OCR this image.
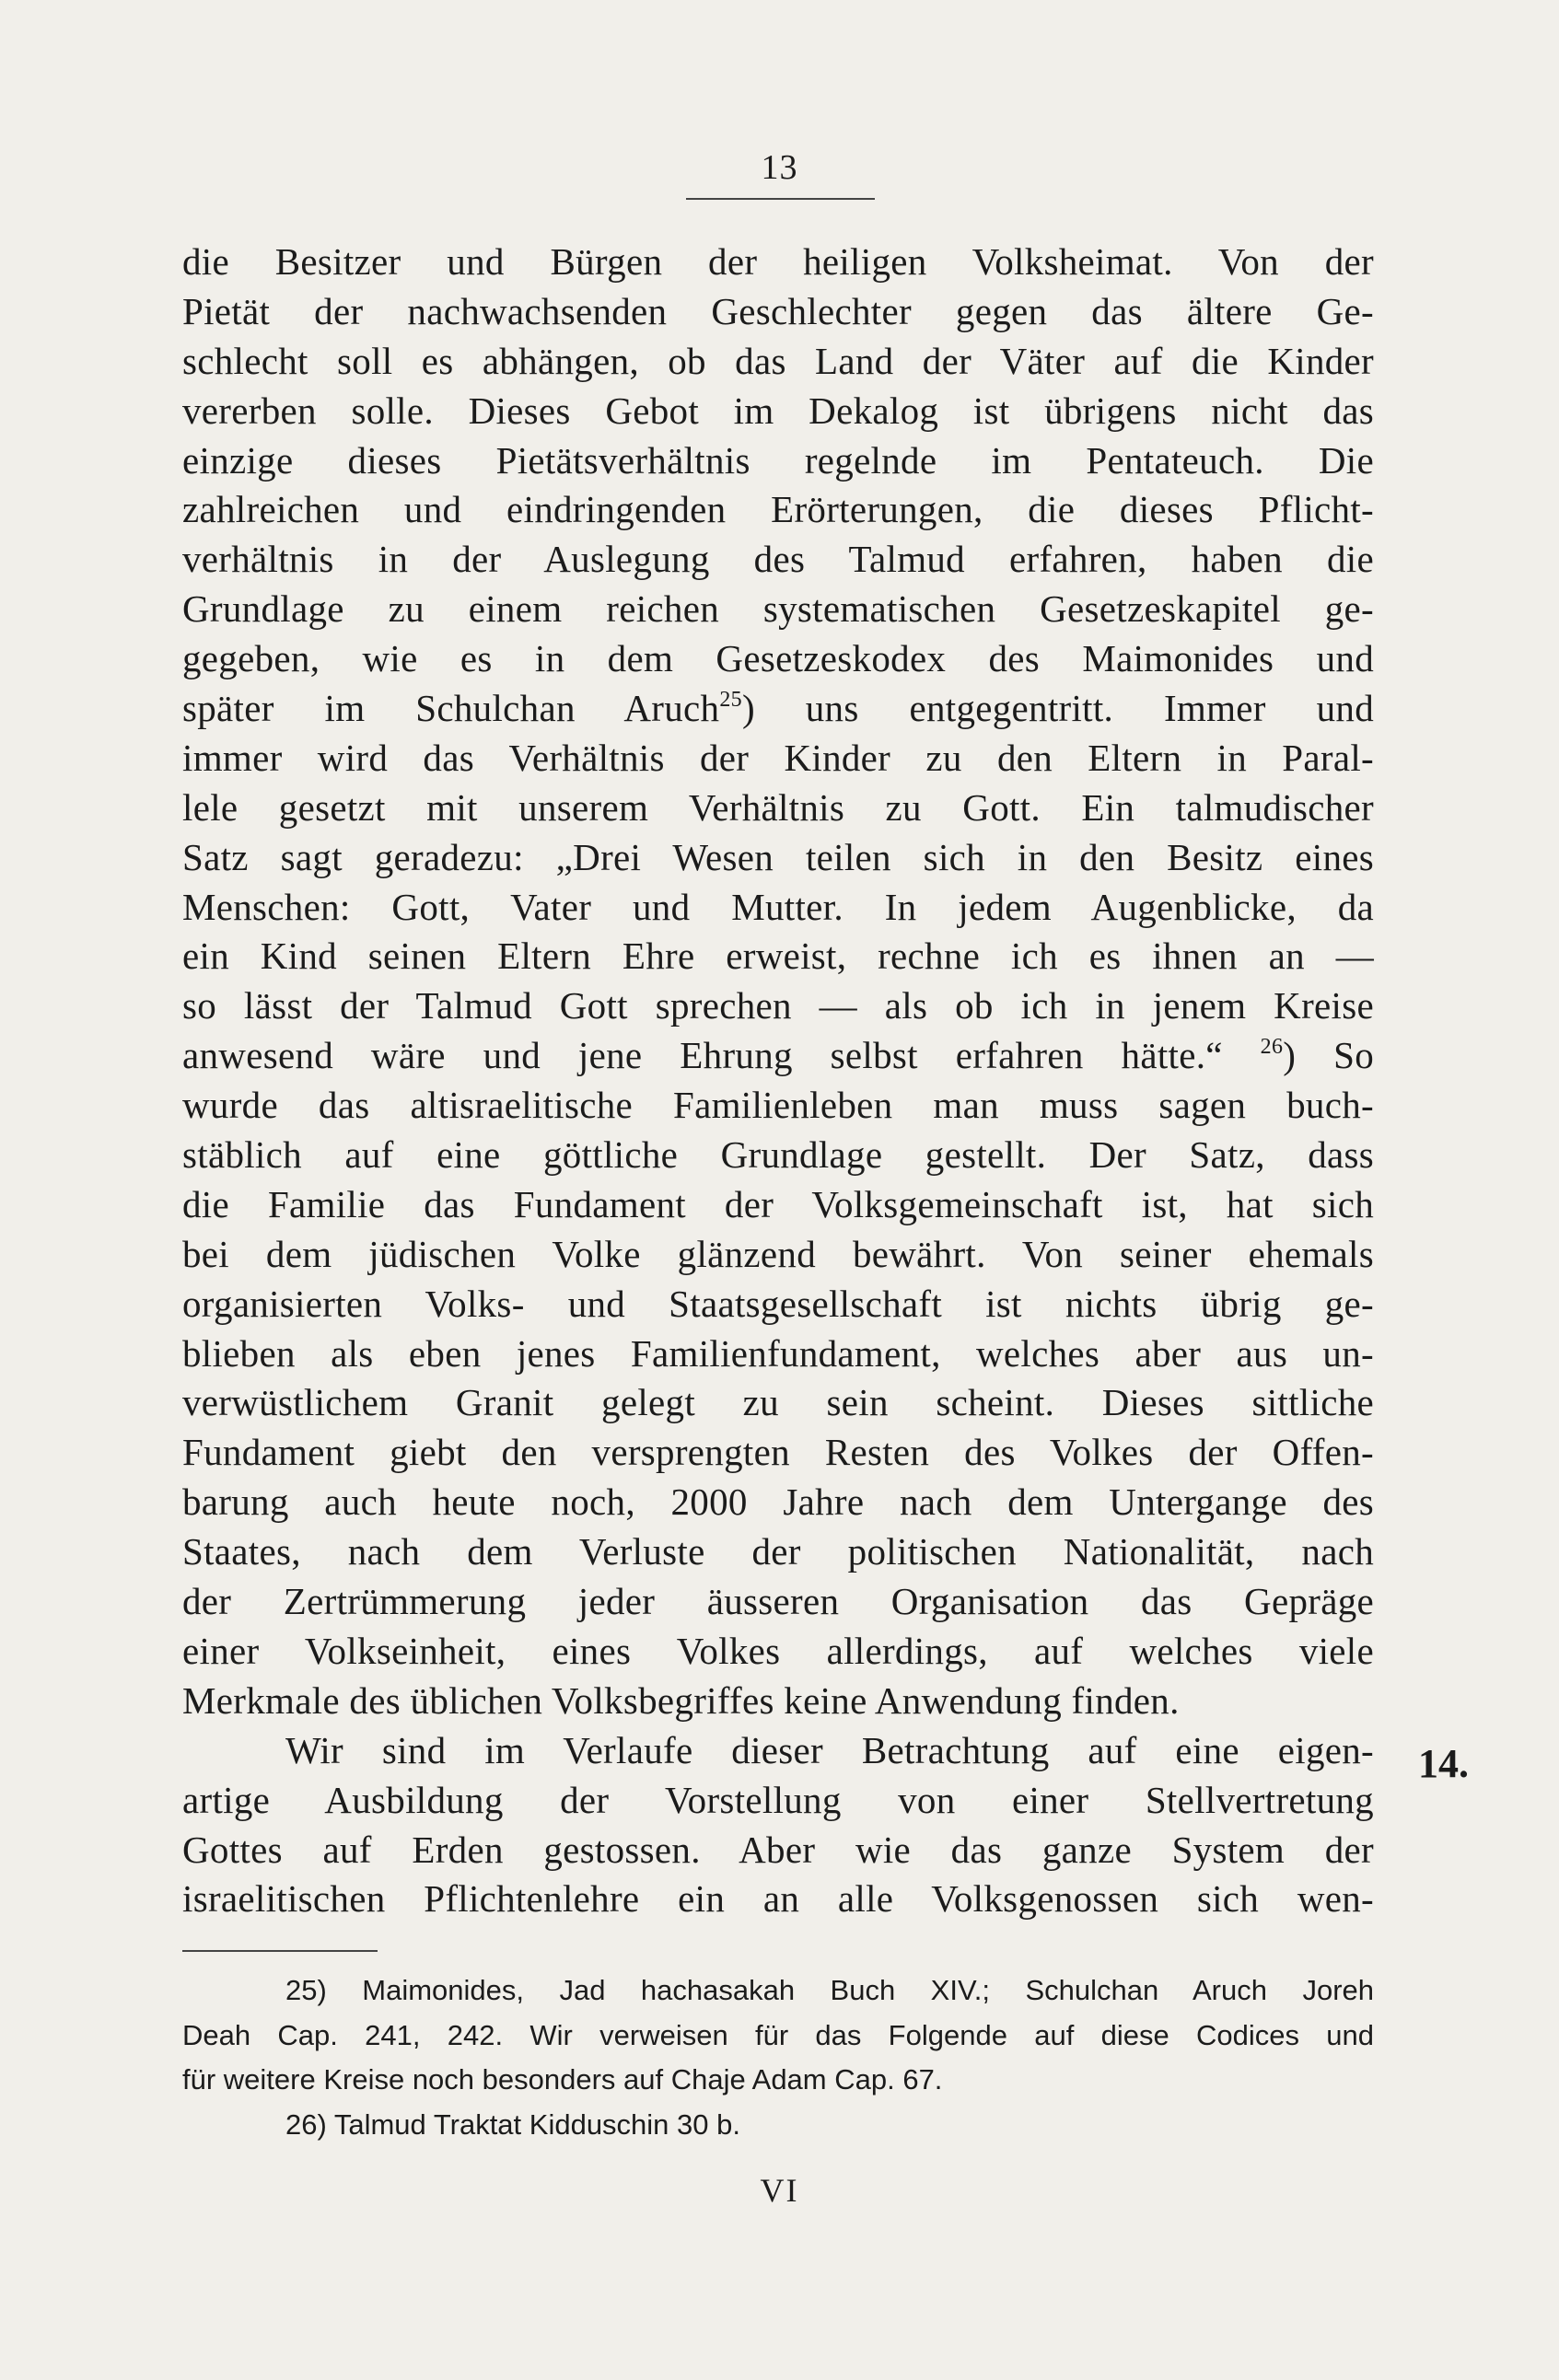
13
die Besitzer und Bürgen der heiligen Volksheimat. Von der
Pietät der nachwachsenden Geschlechter gegen das ältere Ge-
schlecht soll es abhängen, ob das Land der Väter auf die Kinder
vererben solle. Dieses Gebot im Dekalog ist übrigens nicht das
einzige dieses Pietätsverhältnis regelnde im Pentateuch. Die
zahlreichen und eindringenden Erörterungen, die dieses Pflicht-
verhältnis in der Auslegung des Talmud erfahren, haben die
Grundlage zu einem reichen systematischen Gesetzeskapitel ge-
gegeben, wie es in dem Gesetzeskodex des Maimonides und
später im Schulchan Aruch$^{25}$) uns entgegentritt. Immer und
immer wird das Verhältnis der Kinder zu den Eltern in Paral-
lele gesetzt mit unserem Verhältnis zu Gott. Ein talmudischer
Satz sagt geradezu: „Drei Wesen teilen sich in den Besitz eines
Menschen: Gott, Vater und Mutter. In jedem Augenblicke, da
ein Kind seinen Eltern Ehre erweist, rechne ich es ihnen an —
so lässt der Talmud Gott sprechen — als ob ich in jenem Kreise
anwesend wäre und jene Ehrung selbst erfahren hätte.“ $^{26}$) So
wurde das altisraelitische Familienleben man muss sagen buch-
stäblich auf eine göttliche Grundlage gestellt. Der Satz, dass
die Familie das Fundament der Volksgemeinschaft ist, hat sich
bei dem jüdischen Volke glänzend bewährt. Von seiner ehemals
organisierten Volks- und Staatsgesellschaft ist nichts übrig ge-
blieben als eben jenes Familienfundament, welches aber aus un-
verwüstlichem Granit gelegt zu sein scheint. Dieses sittliche
Fundament giebt den versprengten Resten des Volkes der Offen-
barung auch heute noch, 2000 Jahre nach dem Untergange des
Staates, nach dem Verluste der politischen Nationalität, nach
der Zertrümmerung jeder äusseren Organisation das Gepräge
einer Volkseinheit, eines Volkes allerdings, auf welches viele
Merkmale des üblichen Volksbegriffes keine Anwendung finden.
Wir sind im Verlaufe dieser Betrachtung auf eine eigen-
artige Ausbildung der Vorstellung von einer Stellvertretung
Gottes auf Erden gestossen. Aber wie das ganze System der
israelitischen Pflichtenlehre ein an alle Volksgenossen sich wen-
14.
25) Maimonides, Jad hachasakah Buch XIV.; Schulchan Aruch Joreh
Deah Cap. 241, 242. Wir verweisen für das Folgende auf diese Codices und
für weitere Kreise noch besonders auf Chaje Adam Cap. 67.
26) Talmud Traktat Kidduschin 30 b.
VI
